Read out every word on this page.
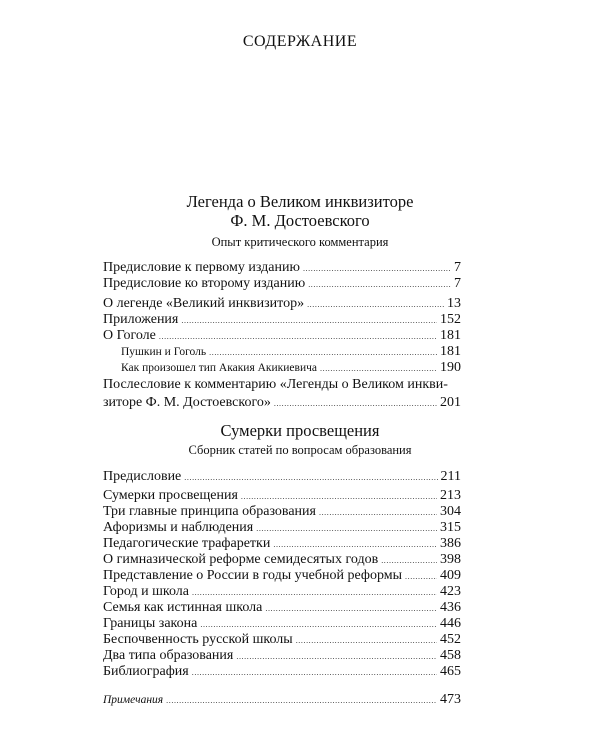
СОДЕРЖАНИЕ
Легенда о Великом инквизиторе
Ф. М. Достоевского
Опыт критического комментария
Предисловие к первому изданию .....	7
Предисловие ко второму изданию .....	7
О легенде «Великий инквизитор» .....	13
Приложения .....	152
О Гоголе .....	181
Пушкин и Гоголь .....	181
Как произошел тип Акакия Акикиевича .....	190
Послесловие к комментарию «Легенды о Великом инкви-
зиторе Ф. М. Достоевского» .....	201
Сумерки просвещения
Сборник статей по вопросам образования
Предисловие .....	211
Сумерки просвещения .....	213
Три главные принципа образования .....	304
Афоризмы и наблюдения .....	315
Педагогические трафаретки .....	386
О гимназической реформе семидесятых годов .....	398
Представление о России в годы учебной реформы .....	409
Город и школа .....	423
Семья как истинная школа .....	436
Границы закона .....	446
Беспочвенность русской школы .....	452
Два типа образования .....	458
Библиография .....	465
Примечания .....	473
